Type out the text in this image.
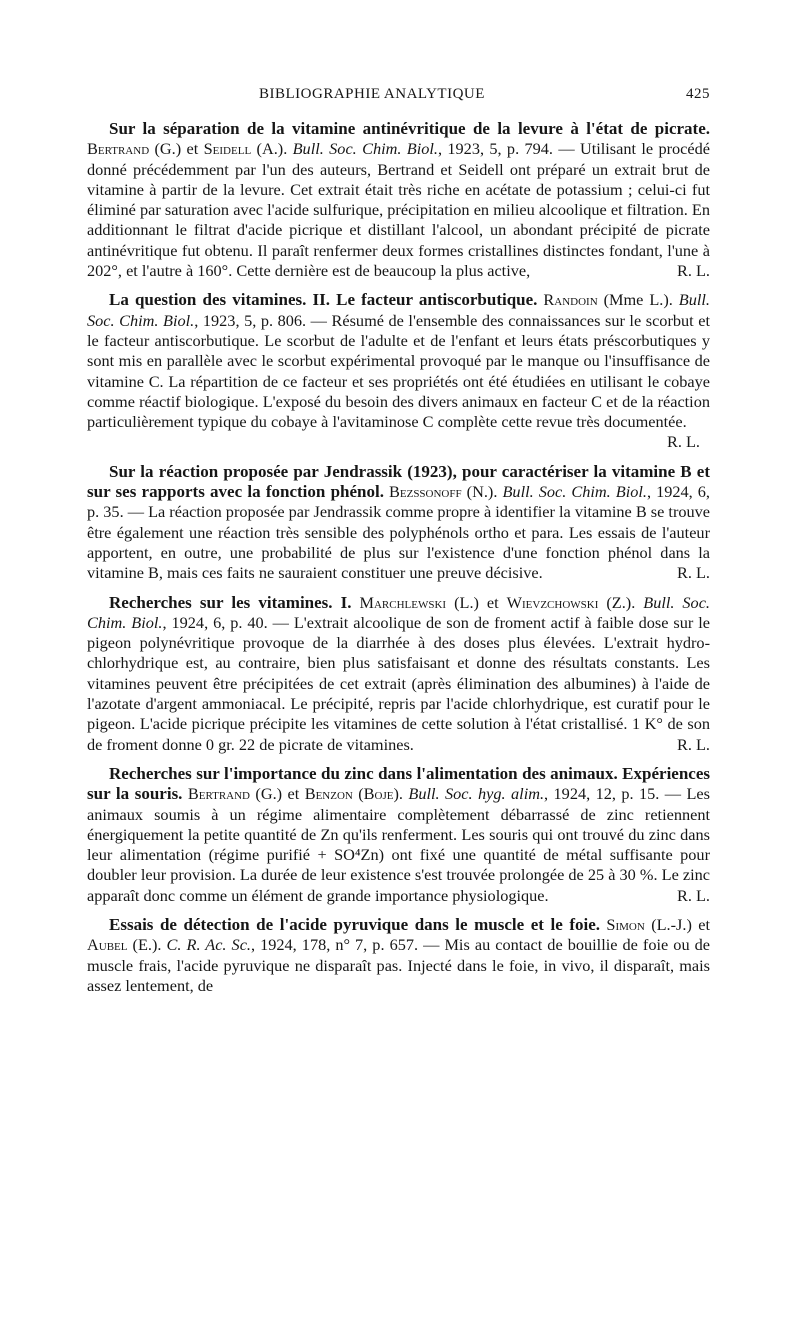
BIBLIOGRAPHIE ANALYTIQUE	425
Sur la séparation de la vitamine antinévritique de la levure à l'état de picrate. Bertrand (G.) et Seidell (A.). Bull. Soc. Chim. Biol., 1923, 5, p. 794. — Utilisant le procédé donné précédemment par l'un des auteurs, Bertrand et Seidell ont préparé un extrait brut de vitamine à partir de la levure. Cet extrait était très riche en acétate de potassium ; celui-ci fut éliminé par saturation avec l'acide sulfurique, précipitation en milieu alcoolique et filtration. En additionnant le filtrat d'acide picrique et distillant l'alcool, un abondant précipité de picrate antinévritique fut obtenu. Il paraît renfermer deux formes cristallines distinctes fondant, l'une à 202°, et l'autre à 160°. Cette dernière est de beaucoup la plus active,	R. L.
La question des vitamines. II. Le facteur antiscorbutique. Randoin (Mme L.). Bull. Soc. Chim. Biol., 1923, 5, p. 806. — Résumé de l'ensemble des connaissances sur le scorbut et le facteur antiscorbutique. Le scorbut de l'adulte et de l'enfant et leurs états préscorbutiques y sont mis en parallèle avec le scorbut expérimental provoqué par le manque ou l'insuffisance de vitamine C. La répartition de ce facteur et ses propriétés ont été étudiées en utilisant le cobaye comme réactif biologique. L'exposé du besoin des divers animaux en facteur C et de la réaction particulièrement typique du cobaye à l'avitaminose C complète cette revue très documentée.
R. L.
Sur la réaction proposée par Jendrassik (1923), pour caractériser la vitamine B et sur ses rapports avec la fonction phénol. Bezssonoff (N.). Bull. Soc. Chim. Biol., 1924, 6, p. 35. — La réaction proposée par Jendrassik comme propre à identifier la vitamine B se trouve être également une réaction très sensible des polyphénols ortho et para. Les essais de l'auteur apportent, en outre, une probabilité de plus sur l'existence d'une fonction phénol dans la vitamine B, mais ces faits ne sauraient constituer une preuve décisive.	R. L.
Recherches sur les vitamines. I. Marchlewski (L.) et Wievzchowski (Z.). Bull. Soc. Chim. Biol., 1924, 6, p. 40. — L'extrait alcoolique de son de froment actif à faible dose sur le pigeon polynévritique provoque de la diarrhée à des doses plus élevées. L'extrait hydro-chlorhydrique est, au contraire, bien plus satisfaisant et donne des résultats constants. Les vitamines peuvent être précipitées de cet extrait (après élimination des albumines) à l'aide de l'azotate d'argent ammoniacal. Le précipité, repris par l'acide chlorhydrique, est curatif pour le pigeon. L'acide picrique précipite les vitamines de cette solution à l'état cristallisé. 1 K° de son de froment donne 0 gr. 22 de picrate de vitamines.	R. L.
Recherches sur l'importance du zinc dans l'alimentation des animaux. Expériences sur la souris. Bertrand (G.) et Benzon (Boje). Bull. Soc. hyg. alim., 1924, 12, p. 15. — Les animaux soumis à un régime alimentaire complètement débarrassé de zinc retiennent énergiquement la petite quantité de Zn qu'ils renferment. Les souris qui ont trouvé du zinc dans leur alimentation (régime purifié + SO⁴Zn) ont fixé une quantité de métal suffisante pour doubler leur provision. La durée de leur existence s'est trouvée prolongée de 25 à 30 %. Le zinc apparaît donc comme un élément de grande importance physiologique.	R. L.
Essais de détection de l'acide pyruvique dans le muscle et le foie. Simon (L.-J.) et Aubel (E.). C. R. Ac. Sc., 1924, 178, n° 7, p. 657. — Mis au contact de bouillie de foie ou de muscle frais, l'acide pyruvique ne disparaît pas. Injecté dans le foie, in vivo, il disparaît, mais assez lentement, de
